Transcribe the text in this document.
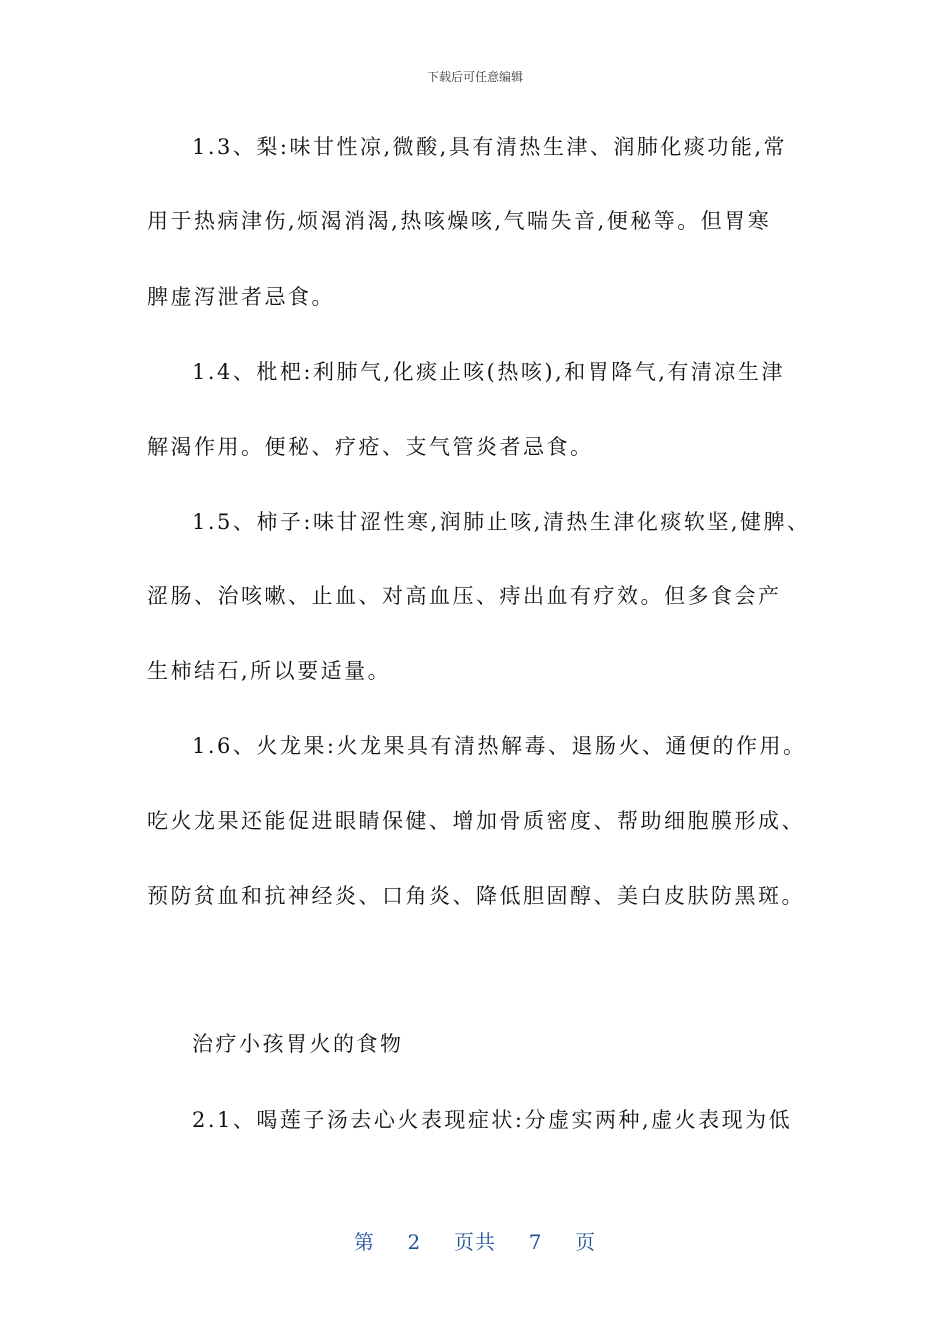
下载后可任意编辑

1.3、梨:味甘性凉,微酸,具有清热生津、润肺化痰功能,常

用于热病津伤,烦渴消渴,热咳燥咳,气喘失音,便秘等。但胃寒

脾虚泻泄者忌食。

1.4、枇杷:利肺气,化痰止咳(热咳),和胃降气,有清凉生津

解渴作用。便秘、疗疮、支气管炎者忌食。

1.5、柿子:味甘涩性寒,润肺止咳,清热生津化痰软坚,健脾、

涩肠、治咳嗽、止血、对高血压、痔出血有疗效。但多食会产

生柿结石,所以要适量。

1.6、火龙果:火龙果具有清热解毒、退肠火、通便的作用。

吃火龙果还能促进眼睛保健、增加骨质密度、帮助细胞膜形成、

预防贫血和抗神经炎、口角炎、降低胆固醇、美白皮肤防黑斑。

治疗小孩胃火的食物

2.1、喝莲子汤去心火表现症状:分虚实两种,虚火表现为低

第 2 页共 7 页
